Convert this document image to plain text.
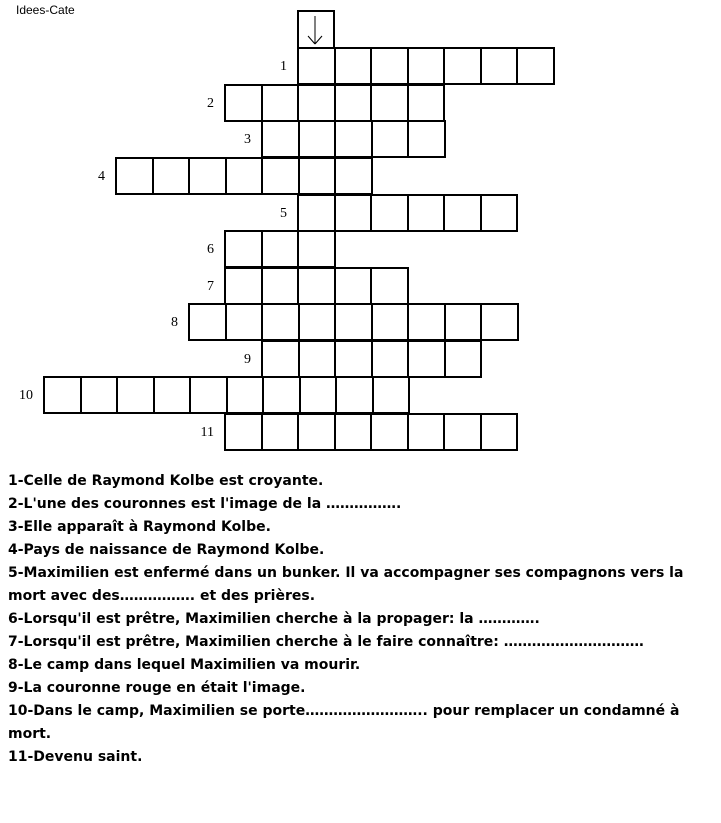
Idees-Cate
1
2
3
4
5
6
7
8
9
10
11
1-Celle de Raymond Kolbe est croyante.
2-L'une des couronnes est l'image de la …………….
3-Elle apparaît à Raymond Kolbe.
4-Pays de naissance de Raymond Kolbe.
5-Maximilien est enfermé dans un bunker. Il va accompagner ses compagnons vers la mort avec des……………. et des prières.
6-Lorsqu'il est prêtre, Maximilien cherche à la propager: la ………….
7-Lorsqu'il est prêtre, Maximilien cherche à le faire connaître: …………………………
8-Le camp dans lequel Maximilien va mourir.
9-La couronne rouge en était l'image.
10-Dans le camp, Maximilien se porte…………………….. pour remplacer un condamné à mort.
11-Devenu saint.
